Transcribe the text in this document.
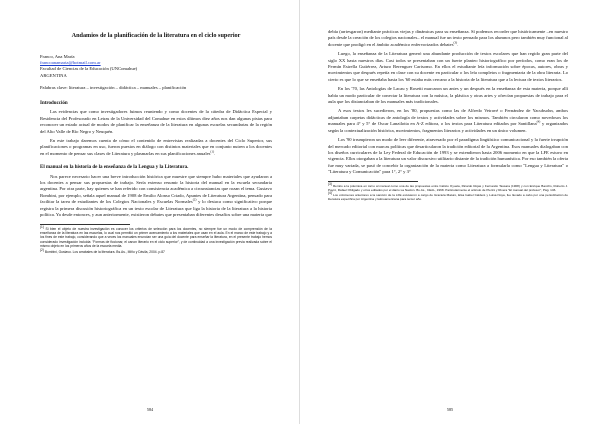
Andamios de la planificación de la literatura en el ciclo superior
Franco, Ana María
francoanamaria@hotmail.com.ar
Facultad de Ciencias de la Educación (UNComahue)
ARGENTINA
Palabras clave: literatura – investigación – didáctica – manuales – planificación
Introducción

Las evidencias que como investigadores fuimos reuniendo y como docentes de la cátedra de Didáctica Especial y Residencia del Profesorado en Letras de la Universidad del Comahue en estos últimos diez años nos dan algunas pistas para reconocer un estado actual de modos de planificar la enseñanza de la literatura en algunas escuelas secundarias de la región del Alto Valle de Río Negro y Neuquén.

En este trabajo daremos cuenta de cómo el contenido de entrevistas realizadas a docentes del Ciclo Superior, sus planificaciones o programas en uso, fueron puestos en diálogo con distintos materiales que en conjunto nutren a los docentes en el momento de pensar sus clases de Literatura y plasmarlas en sus planificaciones anuales$^{(1)}$.

El manual en la historia de la enseñanza de la Lengua y la Literatura.

Nos parece necesario hacer una breve introducción histórica que muestre que siempre hubo materiales que ayudaron a los docentes a pensar sus propuestas de trabajo. Sería extenso resumir la historia del manual en la escuela secundaria argentina. Por otra parte, hay quienes se han referido con consistencia académica a circunstancias que rozan el tema. Gustavo Bombini, por ejemplo, señala aquel manual de 1908 de Emilio Alonso Criado, Apuntes de Literatura Argentina, pensado para facilitar la tarea de estudiantes de los Colegios Nacionales y Escuelas Normales$^{(2)}$ y lo destaca como significativo porque registra la primera discusión historiográfica en un texto escolar de Literatura que liga la historia de la literatura a la historia política. Ya desde entonces, y aun anteriormente, existieron debates que presentaban diferentes desafíos sobre una materia que

$^{(1)}$ Si bien el objeto de nuestra investigación es conocer los criterios de selección para los docentes, no siempre fue un modo de comprensión de la enseñanza de la literatura en las escuelas, lo cual nos permitió un primer acercamiento a los materiales que usan en el aula. En el marco de este trabajo y a los fines de este trabajo, considerando que a veces los manuales enuncian ser una guía del docente para enseñar la literatura, en el presente trabajo hemos considerado investigación incluida: "Formas de ficcionar, el canon literario en el ciclo superior", y de continuidad a una investigación previa realizada sobre el mismo objeto en los primeros años de la escuela media.

$^{(2)}$ Bombini, Gustavo. Los arrabales de la literatura. Bs.As., Miño y Dávila, 2004. p.87

584

debía (arriesgaron) mediante prácticas viejas y dinámicas para su enseñanza. Sí podemos recorder que históricamente –en nuestro país desde la creación de los colegios nacionales– el manual fue un texto pensado para los alumnos pero también muy funcional al docente que prodigó en el ámbito académico enfervorizados debates$^{(3)}$.

Luego, la enseñanza de la Literatura generó una abundante producción de textos escolares que han regido gran parte del siglo XX hasta nuestros días. Casi todos se presentaban con un fuerte planteo historiográfico por períodos, como eran los de Fermín Estrella Gutiérrez, Arturo Berenguer Carisomo. En ellos el estudiante leía información sobre épocas, autores, obras y movimientos que después repetía en clase con su docente en particular o los leía completos o fragmentaria de la obra literaria. Lo cierto es que lo que se enseñaba hasta los '60 estaba más cercano a la historia de la literatura que a la lectura de textos literarios.

En los '70, las Antologías de Lacau y Rosetti marcaron un antes y un después en la enseñanza de esta materia, porque allí había un modo particular de conectar la literatura con la música, la plástica y otras artes y ofrecían propuestas de trabajo para el aula que los distanciaban de los manuales más tradicionales.

A esos textos les sucedieron, en los '80, propuestas como las de Alfredo Veiravé o Fernández de Yacubsohn, ambos adjuntaban carpetas didácticas de antología de textos y actividades sobre los mismos. También circularon como novedosos los manuales para 4° y 5° de Oscar Lanzilotta en A-Z editora, o los textos para Literatura editados por Santillana$^{(4)}$ y organizados según la contextualización histórica, movimientos, fragmentos literarios y actividades en un único volumen.

Los '90 irrumpieron un modo de leer diferente, atravesado por el paradigma lingüístico comunicacional y la fuerte irrupción del mercado editorial con marcas políticas que desarticularon la tradición editorial de la Argentina. Esos manuales dialogaban con los diseños curriculares de la Ley Federal de Educación de 1993 y se extendieron hasta 2006 momento en que la LFE estuvo en vigencia. Ellos otorgaban a la literatura un valor discursivo utilitario distante de la tradición humanística. Por eso también la oferta fue muy variada, se pasó de concebir la organización de la materia como Literatura a formularla como "Lengua y Literatura" o "Literatura y Comunicación" para 1°, 2° y 3°

$^{(3)}$ Remito a la polémica en torno al manual como una de las propuestas entre Calixto Oyuela, Ricardo Rojas y Fernando Tassara (1908) y con Enrique Banchs, Roberto J. Payró, Rafael Obligado y otros editados por el diario La Nación. Bs.As., CEAL, 1968. Particularmente el artículo de Pierini y Rivera "El manual del profesor", Pág. 146.

$^{(4)}$ Los volúmenes anteriores a la sanción de la LFE estuvieron a cargo de Graciela Maturo, Elsa Isabel Calderé y Luisa Noya, fue llevado a cabo por una periodización de literatura específica por Argentina y latinoamericana para tercer año.

585
